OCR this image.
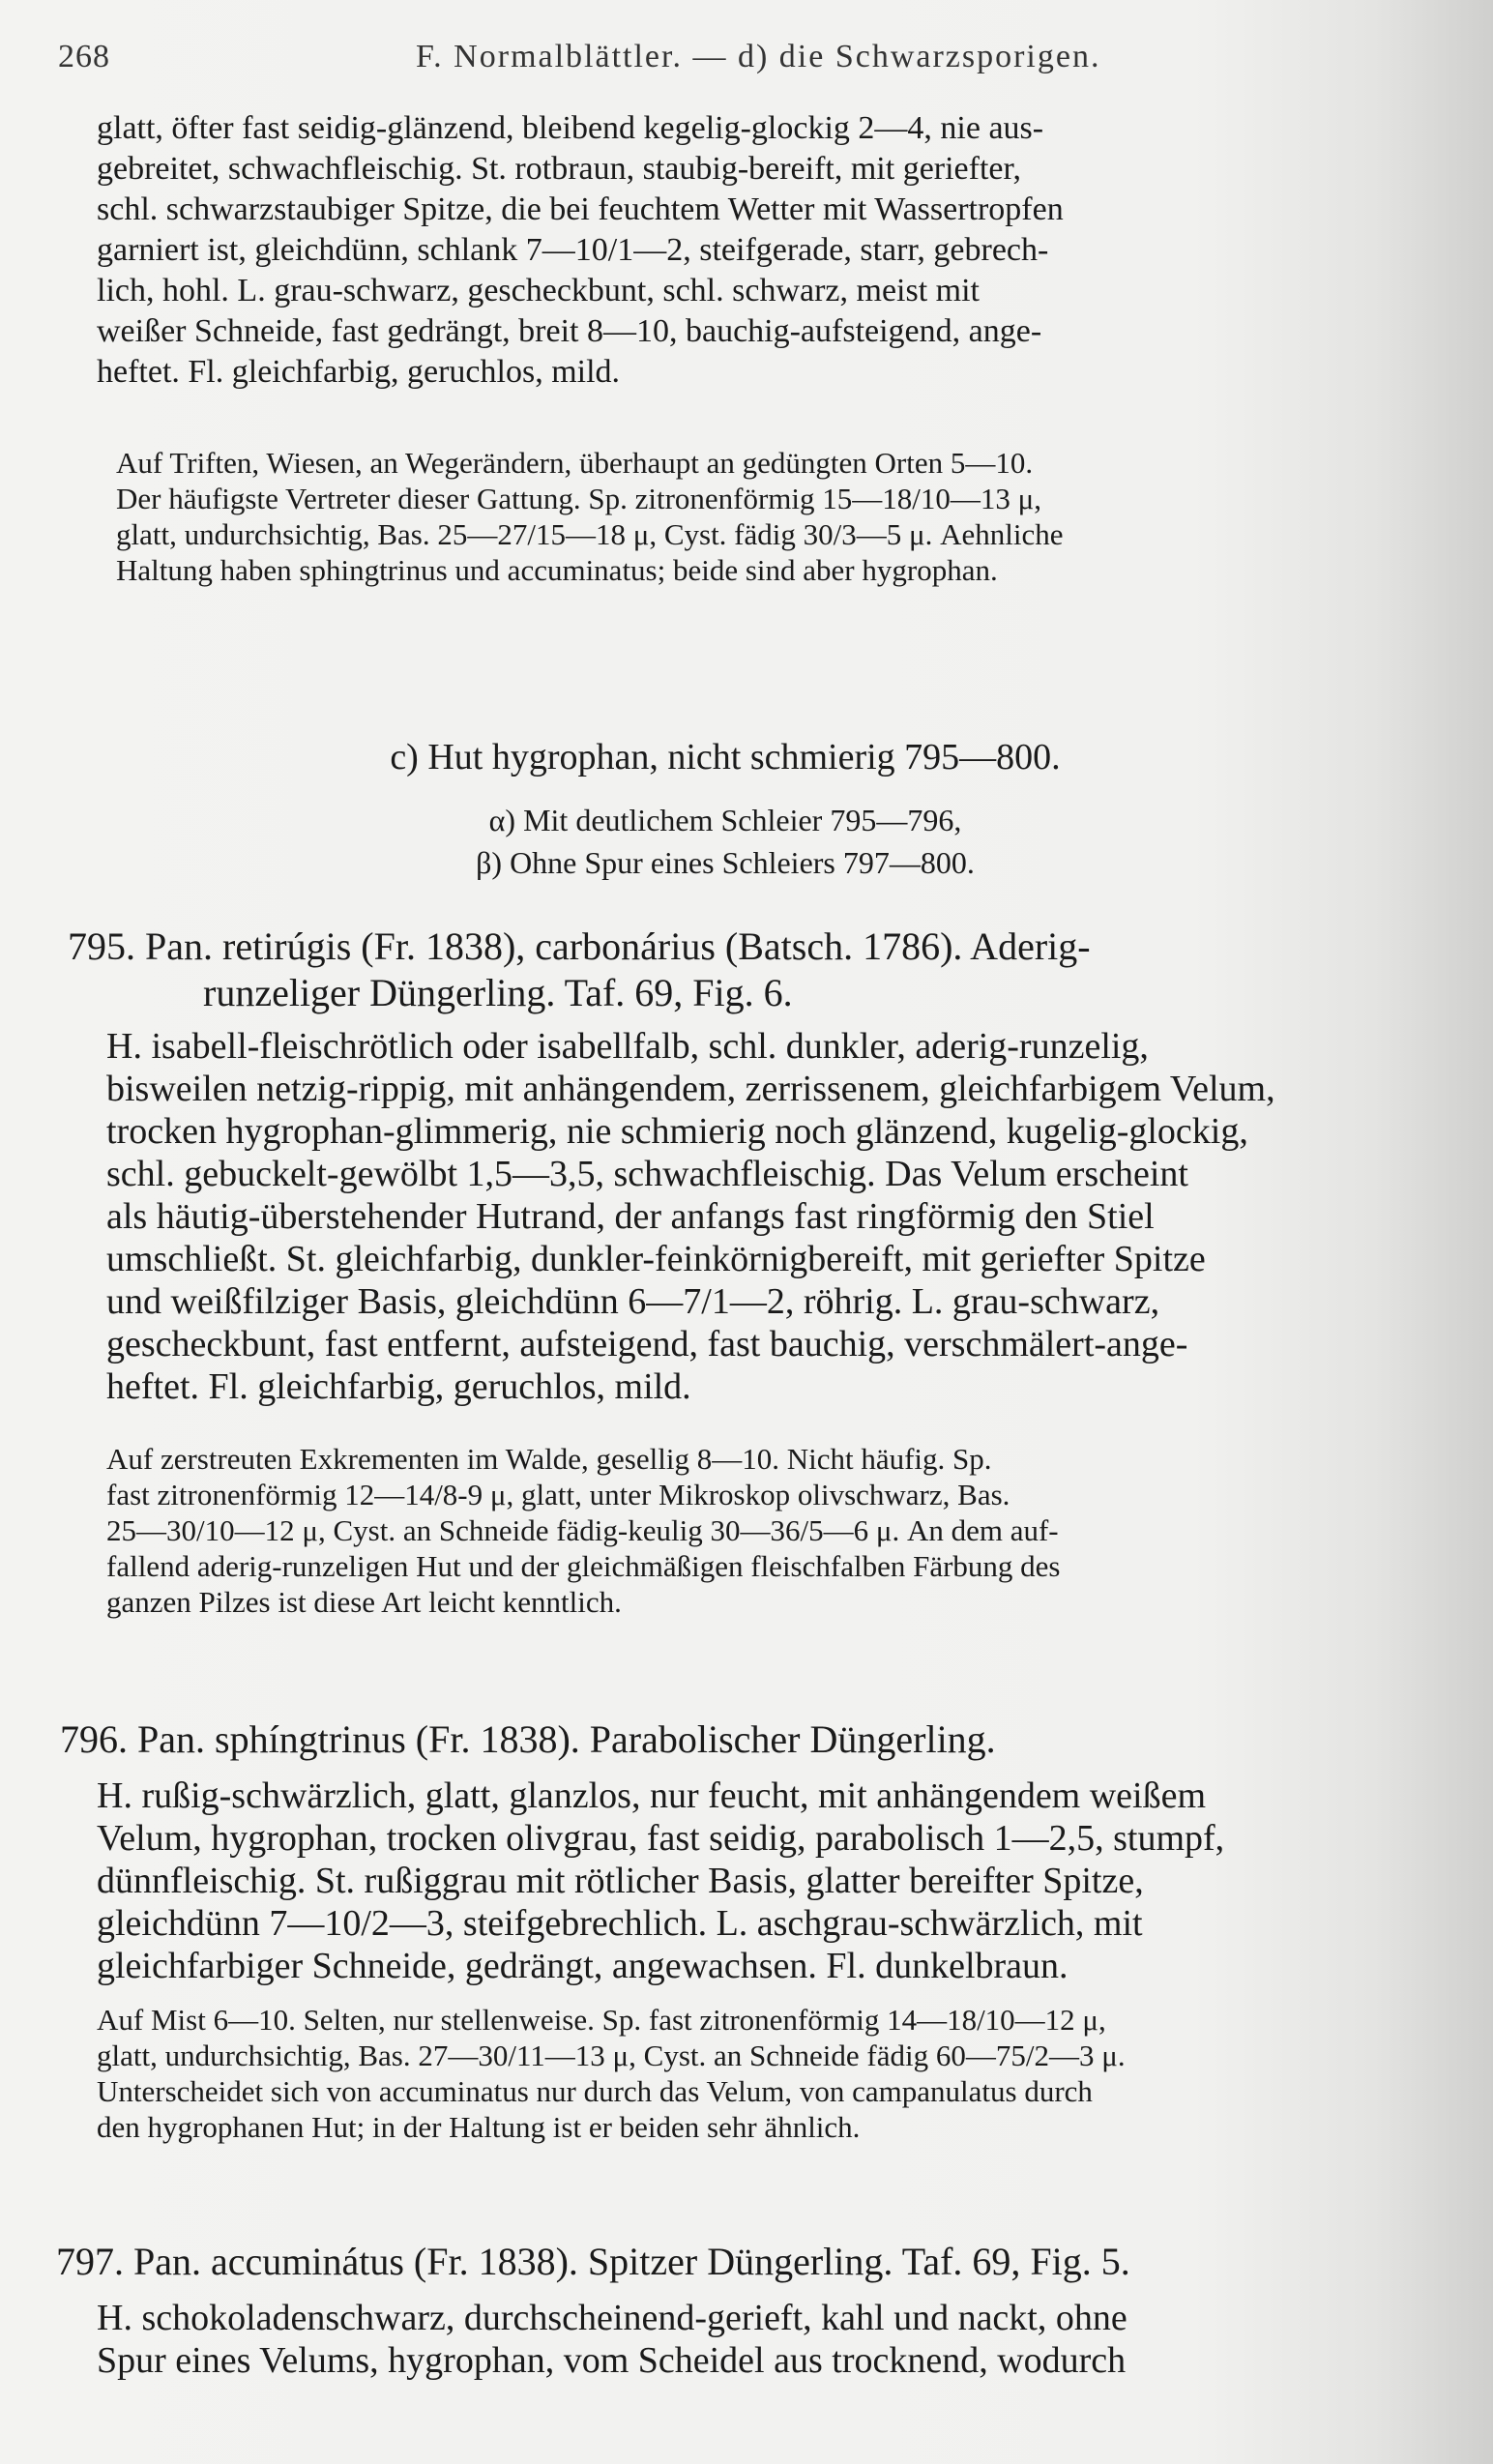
268	F. Normalblättler. — d) die Schwarzsporigen.
glatt, öfter fast seidig-glänzend, bleibend kegelig-glockig 2—4, nie aus-
gebreitet, schwachfleischig. St. rotbraun, staubig-bereift, mit geriefter,
schl. schwarzstaubiger Spitze, die bei feuchtem Wetter mit Wassertropfen
garniert ist, gleichdünn, schlank 7—10/1—2, steifgerade, starr, gebrech-
lich, hohl. L. grau-schwarz, gescheckbunt, schl. schwarz, meist mit
weißer Schneide, fast gedrängt, breit 8—10, bauchig-aufsteigend, ange-
heftet. Fl. gleichfarbig, geruchlos, mild.
Auf Triften, Wiesen, an Wegerändern, überhaupt an gedüngten Orten 5—10.
Der häufigste Vertreter dieser Gattung. Sp. zitronenförmig 15—18/10—13 μ,
glatt, undurchsichtig, Bas. 25—27/15—18 μ, Cyst. fädig 30/3—5 μ. Aehnliche
Haltung haben sphingtrinus und accuminatus; beide sind aber hygrophan.
c) Hut hygrophan, nicht schmierig 795—800.
α) Mit deutlichem Schleier 795—796,
β) Ohne Spur eines Schleiers 797—800.
795. Pan. retirúgis (Fr. 1838), carbonárius (Batsch. 1786). Aderig-
runzeliger Düngerling. Taf. 69, Fig. 6.
H. isabell-fleischrötlich oder isabellfalb, schl. dunkler, aderig-runzelig,
bisweilen netzig-rippig, mit anhängendem, zerrissenem, gleichfarbigem Velum,
trocken hygrophan-glimmerig, nie schmierig noch glänzend, kugelig-glockig,
schl. gebuckelt-gewölbt 1,5—3,5, schwachfleischig. Das Velum erscheint
als häutig-überstehender Hutrand, der anfangs fast ringförmig den Stiel
umschließt. St. gleichfarbig, dunkler-feinkörnigbereift, mit geriefter Spitze
und weißfilziger Basis, gleichdünn 6—7/1—2, röhrig. L. grau-schwarz,
gescheckbunt, fast entfernt, aufsteigend, fast bauchig, verschmälert-ange-
heftet. Fl. gleichfarbig, geruchlos, mild.
Auf zerstreuten Exkrementen im Walde, gesellig 8—10. Nicht häufig. Sp.
fast zitronenförmig 12—14/8-9 μ, glatt, unter Mikroskop olivschwarz, Bas.
25—30/10—12 μ, Cyst. an Schneide fädig-keulig 30—36/5—6 μ. An dem auf-
fallend aderig-runzeligen Hut und der gleichmäßigen fleischfalben Färbung des
ganzen Pilzes ist diese Art leicht kenntlich.
796. Pan. sphíngtrinus (Fr. 1838). Parabolischer Düngerling.
H. rußig-schwärzlich, glatt, glanzlos, nur feucht, mit anhängendem weißem
Velum, hygrophan, trocken olivgrau, fast seidig, parabolisch 1—2,5, stumpf,
dünnfleischig. St. rußiggrau mit rötlicher Basis, glatter bereifter Spitze,
gleichdünn 7—10/2—3, steifgebrechlich. L. aschgrau-schwärzlich, mit
gleichfarbiger Schneide, gedrängt, angewachsen. Fl. dunkelbraun.
Auf Mist 6—10. Selten, nur stellenweise. Sp. fast zitronenförmig 14—18/10—12 μ,
glatt, undurchsichtig, Bas. 27—30/11—13 μ, Cyst. an Schneide fädig 60—75/2—3 μ.
Unterscheidet sich von accuminatus nur durch das Velum, von campanulatus durch
den hygrophanen Hut; in der Haltung ist er beiden sehr ähnlich.
797. Pan. accuminátus (Fr. 1838). Spitzer Düngerling. Taf. 69, Fig. 5.
H. schokoladenschwarz, durchscheinend-gerieft, kahl und nackt, ohne
Spur eines Velums, hygrophan, vom Scheidel aus trocknend, wodurch
